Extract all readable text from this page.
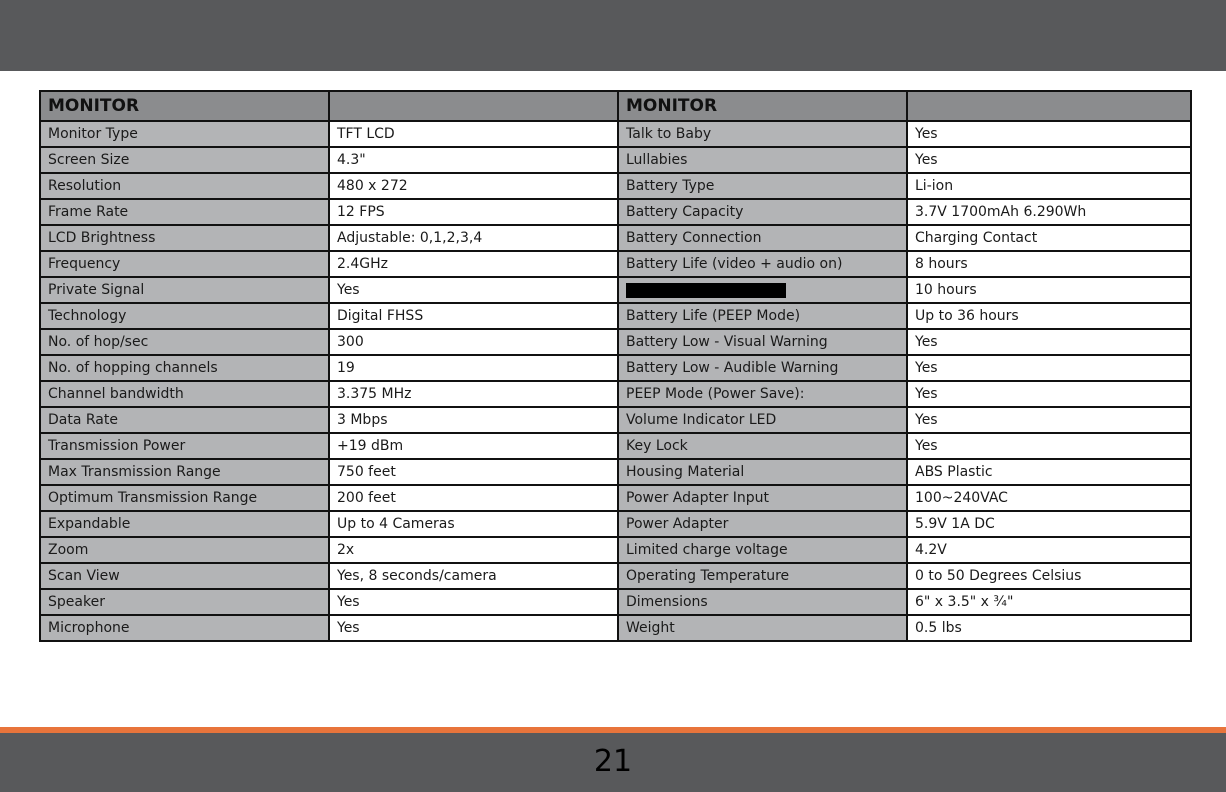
MONITOR		MONITOR	
Monitor Type	TFT LCD	Talk to Baby	Yes
Screen Size	4.3"	Lullabies	Yes
Resolution	480 x 272	Battery Type	Li-ion
Frame Rate	12 FPS	Battery Capacity	3.7V 1700mAh 6.290Wh
LCD Brightness	Adjustable: 0,1,2,3,4	Battery Connection	Charging Contact
Frequency	2.4GHz	Battery Life (video + audio on)	8 hours
Private Signal	Yes		10 hours
Technology	Digital FHSS	Battery Life (PEEP Mode)	Up to 36 hours
No. of hop/sec	300	Battery Low - Visual Warning	Yes
No. of hopping channels	19	Battery Low - Audible Warning	Yes
Channel bandwidth	3.375 MHz	PEEP Mode (Power Save):	Yes
Data Rate	3 Mbps	Volume Indicator LED	Yes
Transmission Power	+19 dBm	Key Lock	Yes
Max Transmission Range	750 feet	Housing Material	ABS Plastic
Optimum Transmission Range	200 feet	Power Adapter Input	100~240VAC
Expandable	Up to 4 Cameras	Power Adapter	5.9V 1A DC
Zoom	2x	Limited charge voltage	4.2V
Scan View	Yes, 8 seconds/camera	Operating Temperature	0 to 50 Degrees Celsius
Speaker	Yes	Dimensions	6" x 3.5" x ¾"
Microphone	Yes	Weight	0.5 lbs
21
